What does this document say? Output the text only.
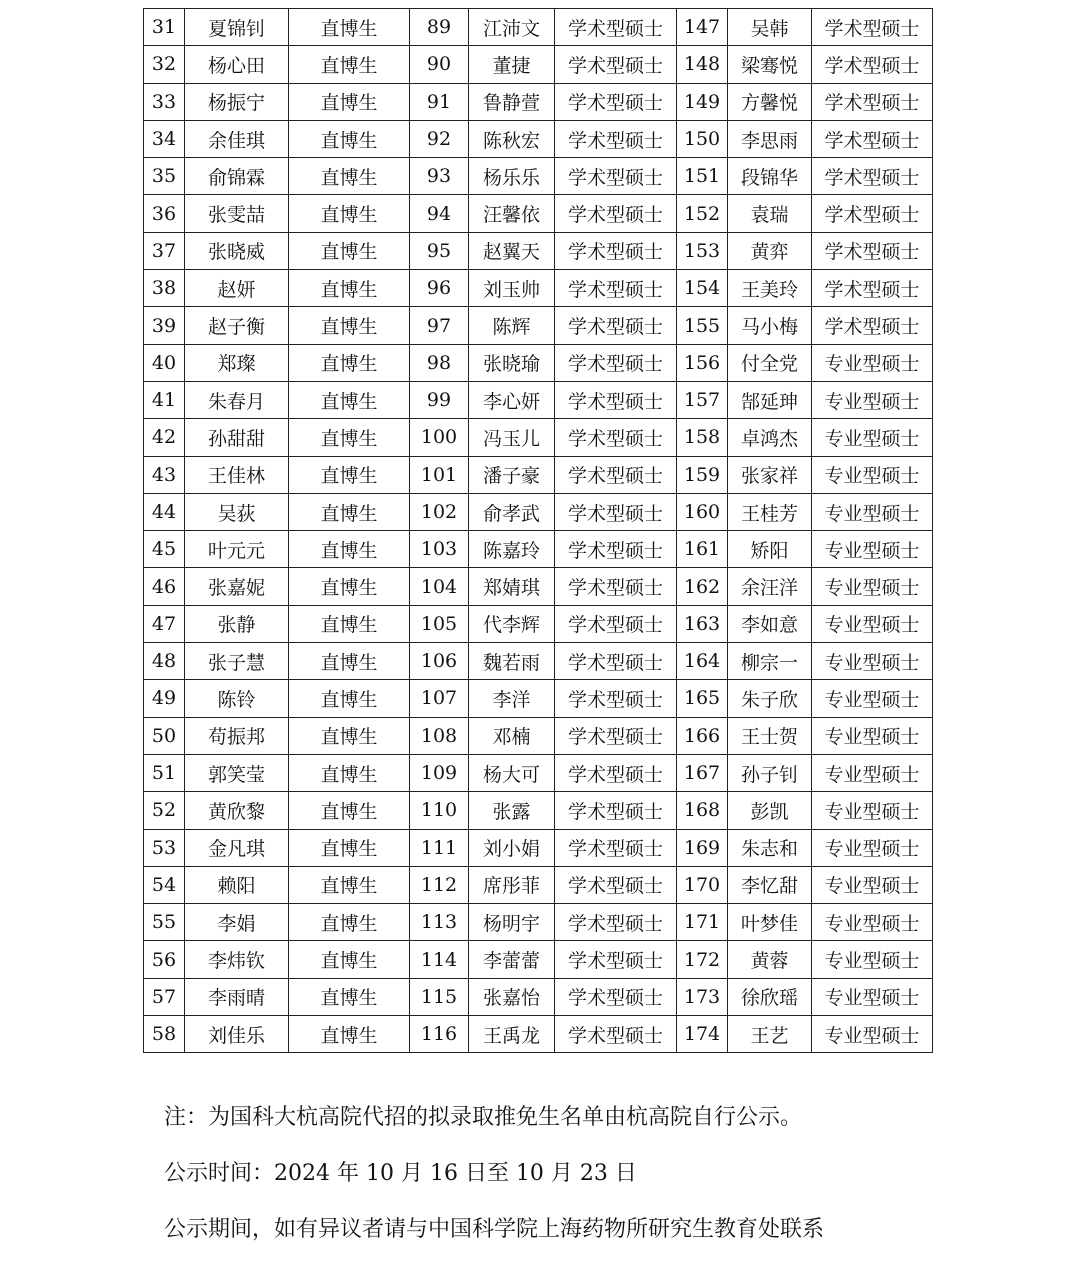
31	夏锦钊	直博生	89	江沛文	学术型硕士	147	吴韩	学术型硕士
32	杨心田	直博生	90	董捷	学术型硕士	148	梁骞悦	学术型硕士
33	杨振宁	直博生	91	鲁静萱	学术型硕士	149	方馨悦	学术型硕士
34	余佳琪	直博生	92	陈秋宏	学术型硕士	150	李思雨	学术型硕士
35	俞锦霖	直博生	93	杨乐乐	学术型硕士	151	段锦华	学术型硕士
36	张雯喆	直博生	94	汪馨依	学术型硕士	152	袁瑞	学术型硕士
37	张晓威	直博生	95	赵翼天	学术型硕士	153	黄弈	学术型硕士
38	赵妍	直博生	96	刘玉帅	学术型硕士	154	王美玲	学术型硕士
39	赵子衡	直博生	97	陈辉	学术型硕士	155	马小梅	学术型硕士
40	郑璨	直博生	98	张晓瑜	学术型硕士	156	付全党	专业型硕士
41	朱春月	直博生	99	李心妍	学术型硕士	157	郜延珅	专业型硕士
42	孙甜甜	直博生	100	冯玉儿	学术型硕士	158	卓鸿杰	专业型硕士
43	王佳林	直博生	101	潘子豪	学术型硕士	159	张家祥	专业型硕士
44	吴荻	直博生	102	俞孝武	学术型硕士	160	王桂芳	专业型硕士
45	叶元元	直博生	103	陈嘉玲	学术型硕士	161	矫阳	专业型硕士
46	张嘉妮	直博生	104	郑婧琪	学术型硕士	162	余汪洋	专业型硕士
47	张静	直博生	105	代李辉	学术型硕士	163	李如意	专业型硕士
48	张子慧	直博生	106	魏若雨	学术型硕士	164	柳宗一	专业型硕士
49	陈铃	直博生	107	李洋	学术型硕士	165	朱子欣	专业型硕士
50	苟振邦	直博生	108	邓楠	学术型硕士	166	王士贺	专业型硕士
51	郭笑莹	直博生	109	杨大可	学术型硕士	167	孙子钊	专业型硕士
52	黄欣黎	直博生	110	张露	学术型硕士	168	彭凯	专业型硕士
53	金凡琪	直博生	111	刘小娟	学术型硕士	169	朱志和	专业型硕士
54	赖阳	直博生	112	席彤菲	学术型硕士	170	李忆甜	专业型硕士
55	李娟	直博生	113	杨明宇	学术型硕士	171	叶梦佳	专业型硕士
56	李炜钦	直博生	114	李蕾蕾	学术型硕士	172	黄蓉	专业型硕士
57	李雨晴	直博生	115	张嘉怡	学术型硕士	173	徐欣瑶	专业型硕士
58	刘佳乐	直博生	116	王禹龙	学术型硕士	174	王艺	专业型硕士
注：为国科大杭高院代招的拟录取推免生名单由杭高院自行公示。
公示时间：2024 年 10 月 16 日至 10 月 23 日
公示期间，如有异议者请与中国科学院上海药物所研究生教育处联系
